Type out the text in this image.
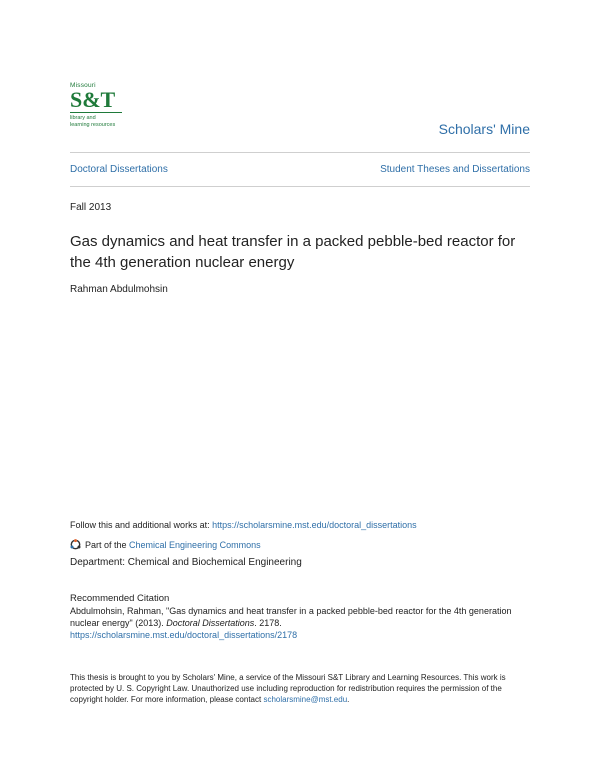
Missouri
S&T
library and
learning resources	Scholars' Mine
Doctoral Dissertations	Student Theses and Dissertations
Fall 2013
Gas dynamics and heat transfer in a packed pebble-bed reactor for the 4th generation nuclear energy
Rahman Abdulmohsin
Follow this and additional works at: https://scholarsmine.mst.edu/doctoral_dissertations
Part of the Chemical Engineering Commons
Department: Chemical and Biochemical Engineering
Recommended Citation
Abdulmohsin, Rahman, "Gas dynamics and heat transfer in a packed pebble-bed reactor for the 4th generation nuclear energy" (2013). Doctoral Dissertations. 2178.
https://scholarsmine.mst.edu/doctoral_dissertations/2178
This thesis is brought to you by Scholars' Mine, a service of the Missouri S&T Library and Learning Resources. This work is protected by U. S. Copyright Law. Unauthorized use including reproduction for redistribution requires the permission of the copyright holder. For more information, please contact scholarsmine@mst.edu.
